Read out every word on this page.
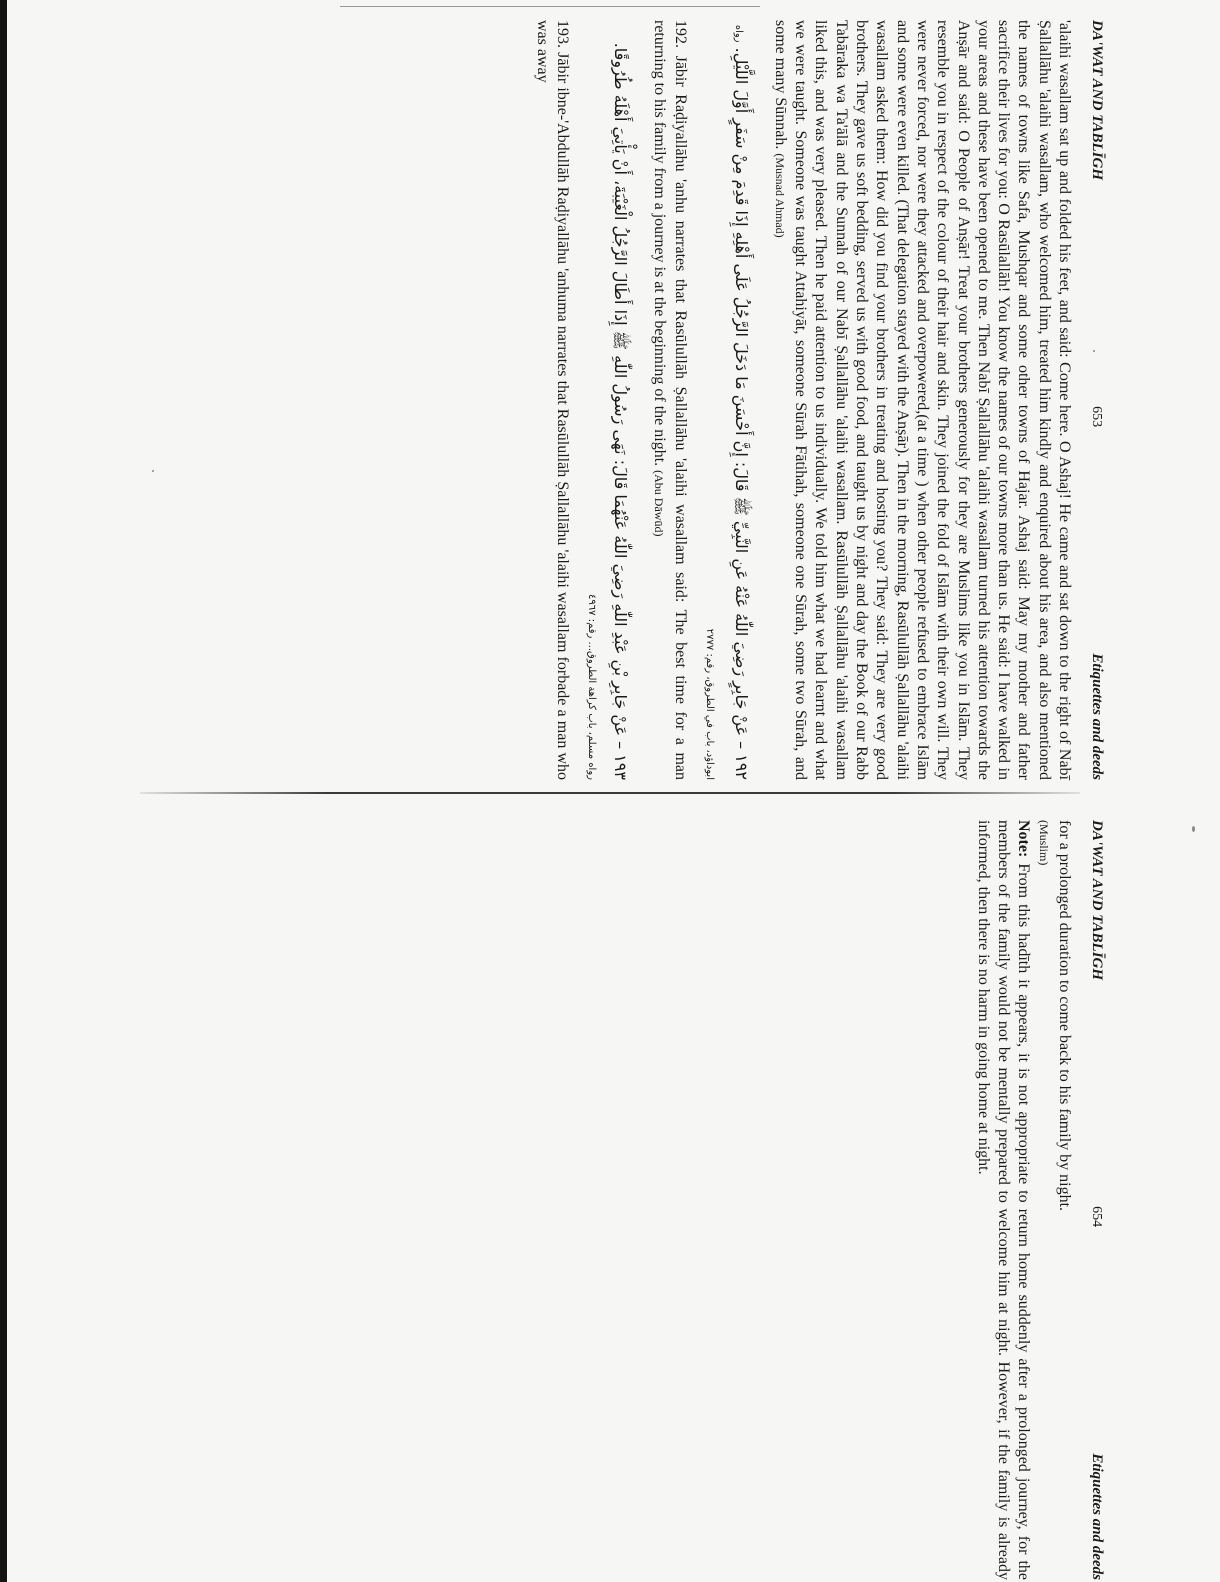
DA'WAT AND TABLĪGH
653
Etiquettes and deeds

'alaihi wasallam sat up and folded his feet, and said: Come here. O Ashaj! He came and sat down to the right of Nabī Ṣallallāhu 'alaihi wasallam, who welcomed him, treated him kindly and enquired about his area, and also mentioned the names of towns like Safa, Mushqar and some other towns of Hajar. Ashaj said: May my mother and father sacrifice their lives for you: O Rasūlallāh! You know the names of our towns more than us. He said: I have walked in your areas and these have been opened to me. Then Nabī Ṣallallāhu 'alaihi wasallam turned his attention towards the Anṣār and said: O People of Anṣār! Treat your brothers generously for they are Muslims like you in Islām. They resemble you in respect of the colour of their hair and skin. They joined the fold of Islām with their own will. They were never forced, nor were they attacked and overpowered,(at a time ) when other people refused to embrace Islām and some were even killed. (That delegation stayed with the Anṣār). Then in the morning, Rasūlullāh Ṣallallāhu 'alaihi wasallam asked them: How did you find your brothers in treating and hosting you? They said: They are very good brothers. They gave us soft bedding, served us with good food, and taught us by night and day the Book of our Rabb Tabāraka wa Ta'ālā and the Sunnah of our Nabī Ṣallallāhu 'alaihi wasallam. Rasūlullāh Ṣallallāhu 'alaihi wasallam liked this, and was very pleased. Then he paid attention to us individually. We told him what we had learnt and what we were taught. Someone was taught Attahiyāt, someone Sūrah Fātihah, someone one Sūrah, some two Sūrah, and some many Sūnnah. (Musnad Ahmad)

١٩٢ – عَنْ جَابِرٍ رَضِيَ اللّٰهُ عَنْهُ عَنِ النَّبِيِّ ﷺ قَالَ: إِنَّ أَحْسَنَ مَا دَخَلَ الرَّجُلُ عَلَى أَهْلِهِ إِذَا قَدِمَ مِنْ سَفَرٍ أَوَّلَ اللَّيْلِ. رواه ابوداؤد، باب في الطروق، رقم: ٢٧٧٧

192. Jābir Raḍiyallāhu 'anhu narrates that Rasūlullāh Ṣallallāhu 'alaihi wasallam said: The best time for a man returning to his family from a journey is at the beginning of the night. (Abu Dāwūd)

١٩٣ – عَنْ جَابِرِ بْنِ عَبْدِ اللّٰهِ رَضِيَ اللّٰهُ عَنْهُمَا قَالَ: نَهَى رَسُولُ اللّٰهِ ﷺ إِذَا أَطَالَ الرَّجُلُ الْغَيْبَةَ، أَنْ يَأْتِيَ أَهْلَهُ طُرُوقًا. رواه مسلم، باب كراهة الطروق... رقم: ٤٩٦٧

193. Jābir ibne-'Abdullāh Raḍiyallāhu 'anhuma narrates that Rasūlullāh Ṣallallāhu 'alaihi wasallam forbade a man who was away

DA'WAT AND TABLĪGH
654
Etiquettes and deeds

for a prolonged duration to come back to his family by night.
(Muslim)

Note: From this hadīth it appears, it is not appropriate to return home suddenly after a prolonged journey, for the members of the family would not be mentally prepared to welcome him at night. However, if the family is already informed, then there is no harm in going home at night.
